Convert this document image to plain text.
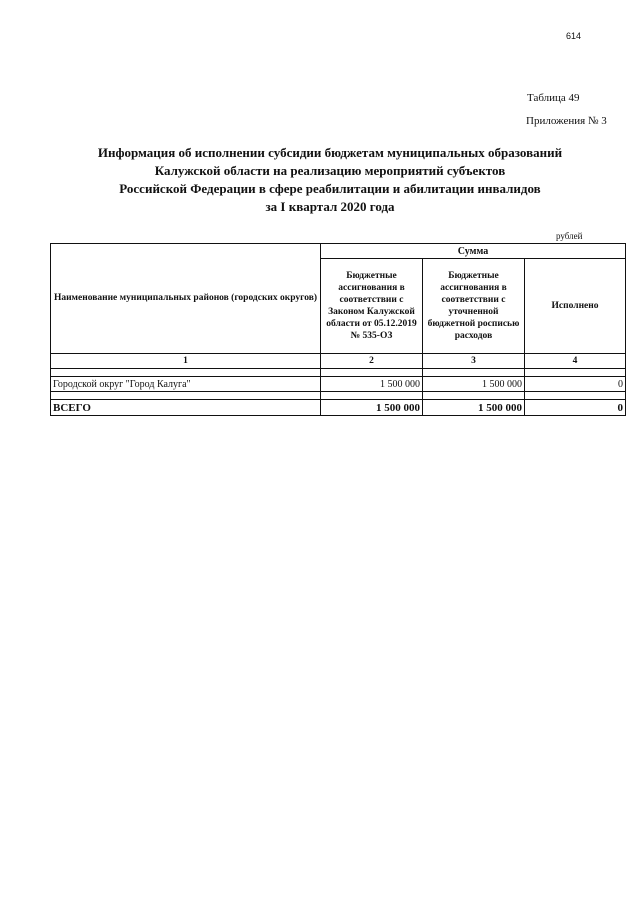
614
Таблица 49
Приложения № 3
Информация об исполнении субсидии бюджетам муниципальных образований
Калужской области на реализацию мероприятий субъектов
Российской Федерации в сфере реабилитации и абилитации инвалидов
за I квартал 2020 года
рублей
Наименование муниципальных районов (городских округов)	Сумма		
	Бюджетные ассигнования в соответствии с Законом Калужской области от 05.12.2019 № 535-ОЗ	Бюджетные ассигнования в соответствии с уточненной бюджетной росписью расходов	Исполнено
1	2	3	4

Городской округ "Город Калуга"	1 500 000	1 500 000	0

ВСЕГО	1 500 000	1 500 000	0
